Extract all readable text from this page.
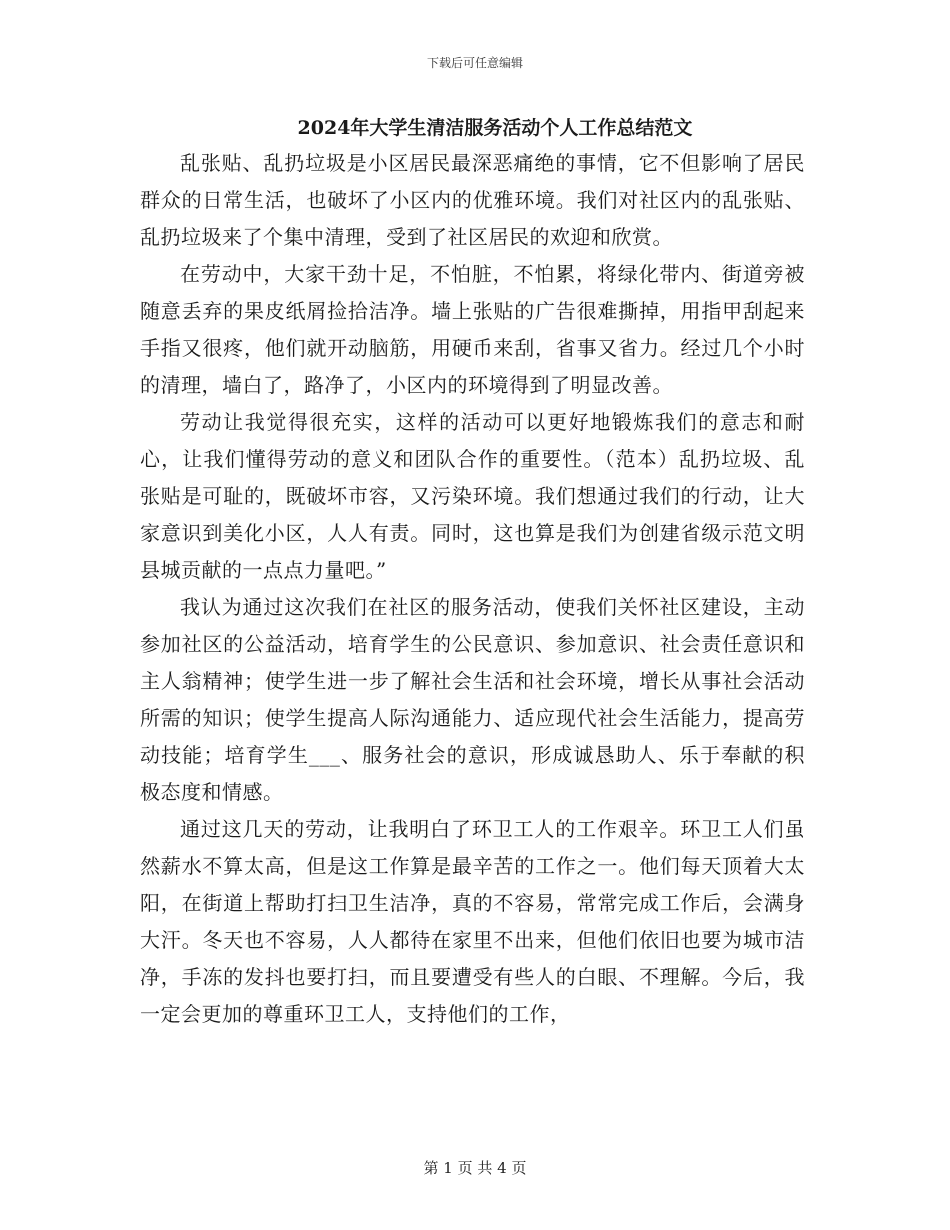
下载后可任意编辑
2024年大学生清洁服务活动个人工作总结范文

乱张贴、乱扔垃圾是小区居民最深恶痛绝的事情，它不但影响了居民群众的日常生活，也破坏了小区内的优雅环境。我们对社区内的乱张贴、乱扔垃圾来了个集中清理，受到了社区居民的欢迎和欣赏。

在劳动中，大家干劲十足，不怕脏，不怕累，将绿化带内、街道旁被随意丢弃的果皮纸屑捡拾洁净。墙上张贴的广告很难撕掉，用指甲刮起来手指又很疼，他们就开动脑筋，用硬币来刮，省事又省力。经过几个小时的清理，墙白了，路净了，小区内的环境得到了明显改善。

劳动让我觉得很充实，这样的活动可以更好地锻炼我们的意志和耐心，让我们懂得劳动的意义和团队合作的重要性。（范本）乱扔垃圾、乱张贴是可耻的，既破坏市容，又污染环境。我们想通过我们的行动，让大家意识到美化小区，人人有责。同时，这也算是我们为创建省级示范文明县城贡献的一点点力量吧。”

我认为通过这次我们在社区的服务活动，使我们关怀社区建设，主动参加社区的公益活动，培育学生的公民意识、参加意识、社会责任意识和主人翁精神；使学生进一步了解社会生活和社会环境，增长从事社会活动所需的知识；使学生提高人际沟通能力、适应现代社会生活能力，提高劳动技能；培育学生___、服务社会的意识，形成诚恳助人、乐于奉献的积极态度和情感。

通过这几天的劳动，让我明白了环卫工人的工作艰辛。环卫工人们虽然薪水不算太高，但是这工作算是最辛苦的工作之一。他们每天顶着大太阳，在街道上帮助打扫卫生洁净，真的不容易，常常完成工作后，会满身大汗。冬天也不容易，人人都待在家里不出来，但他们依旧也要为城市洁净，手冻的发抖也要打扫，而且要遭受有些人的白眼、不理解。今后，我一定会更加的尊重环卫工人，支持他们的工作，

第 1 页 共 4 页
